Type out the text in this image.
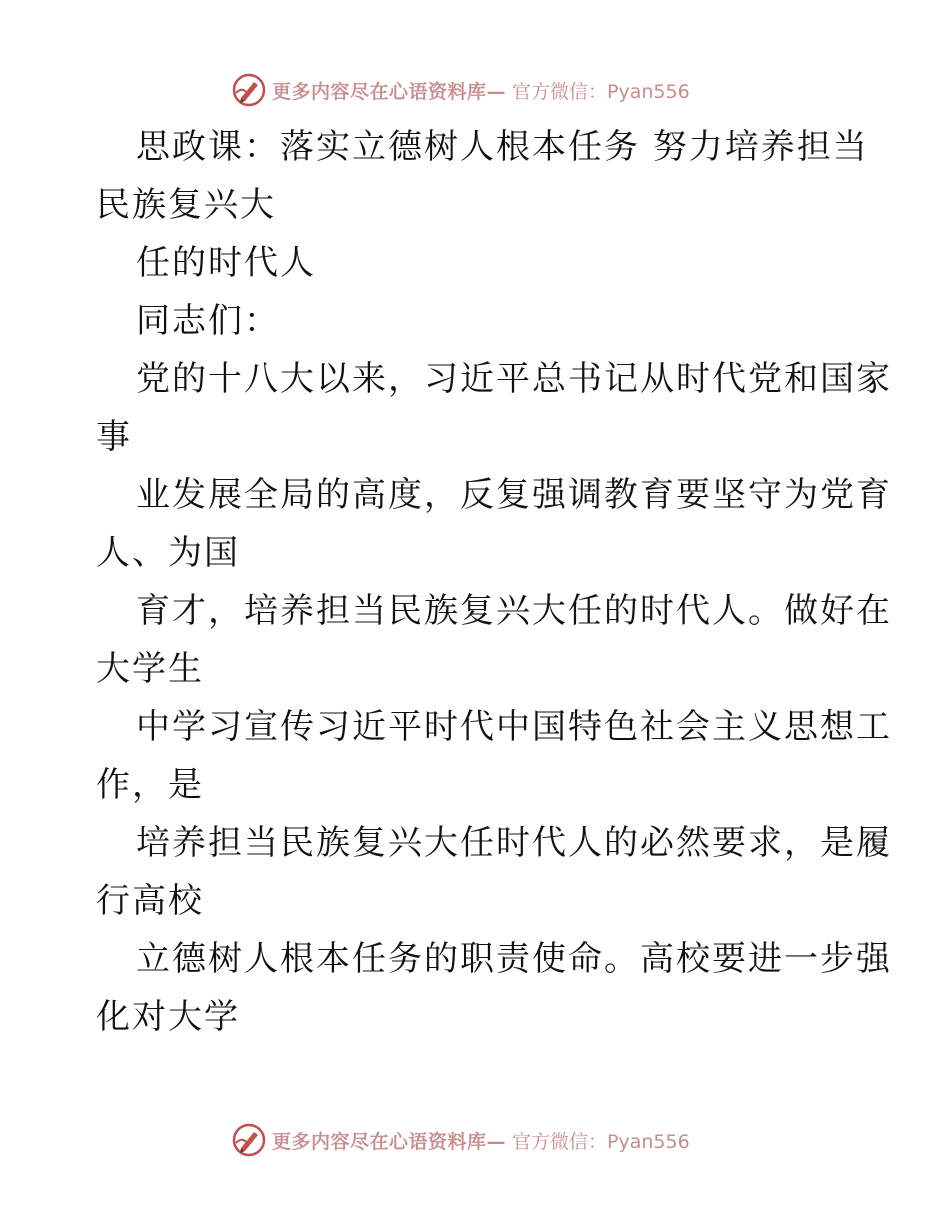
更多内容尽在心语资料库— 官方微信：Pyan556
思政课：落实立德树人根本任务 努力培养担当
民族复兴大
任的时代人
同志们：
党的十八大以来，习近平总书记从时代党和国家
事
业发展全局的高度，反复强调教育要坚守为党育
人、为国
育才，培养担当民族复兴大任的时代人。做好在
大学生
中学习宣传习近平时代中国特色社会主义思想工
作，是
培养担当民族复兴大任时代人的必然要求，是履
行高校
立德树人根本任务的职责使命。高校要进一步强
化对大学
更多内容尽在心语资料库— 官方微信：Pyan556
